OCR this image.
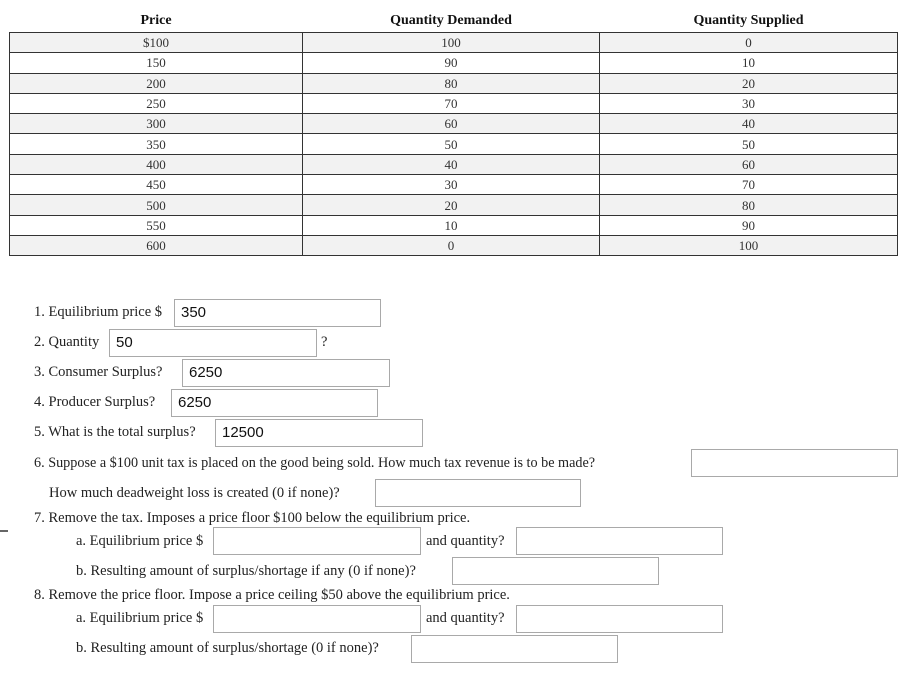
Price	Quantity Demanded	Quantity Supplied
$100	100	0
150	90	10
200	80	20
250	70	30
300	60	40
350	50	50
400	40	60
450	30	70
500	20	80
550	10	90
600	0	100
1. Equilibrium price $	350
2. Quantity	50	?
3. Consumer Surplus?	6250
4. Producer Surplus?	6250
5. What is the total surplus?	12500
6. Suppose a $100 unit tax is placed on the good being sold. How much tax revenue is to be made?
How much deadweight loss is created (0 if none)?
7. Remove the tax. Imposes a price floor $100 below the equilibrium price.
a. Equilibrium price $	and quantity?
b. Resulting amount of surplus/shortage if any (0 if none)?
8. Remove the price floor. Impose a price ceiling $50 above the equilibrium price.
a. Equilibrium price $	and quantity?
b. Resulting amount of surplus/shortage (0 if none)?
